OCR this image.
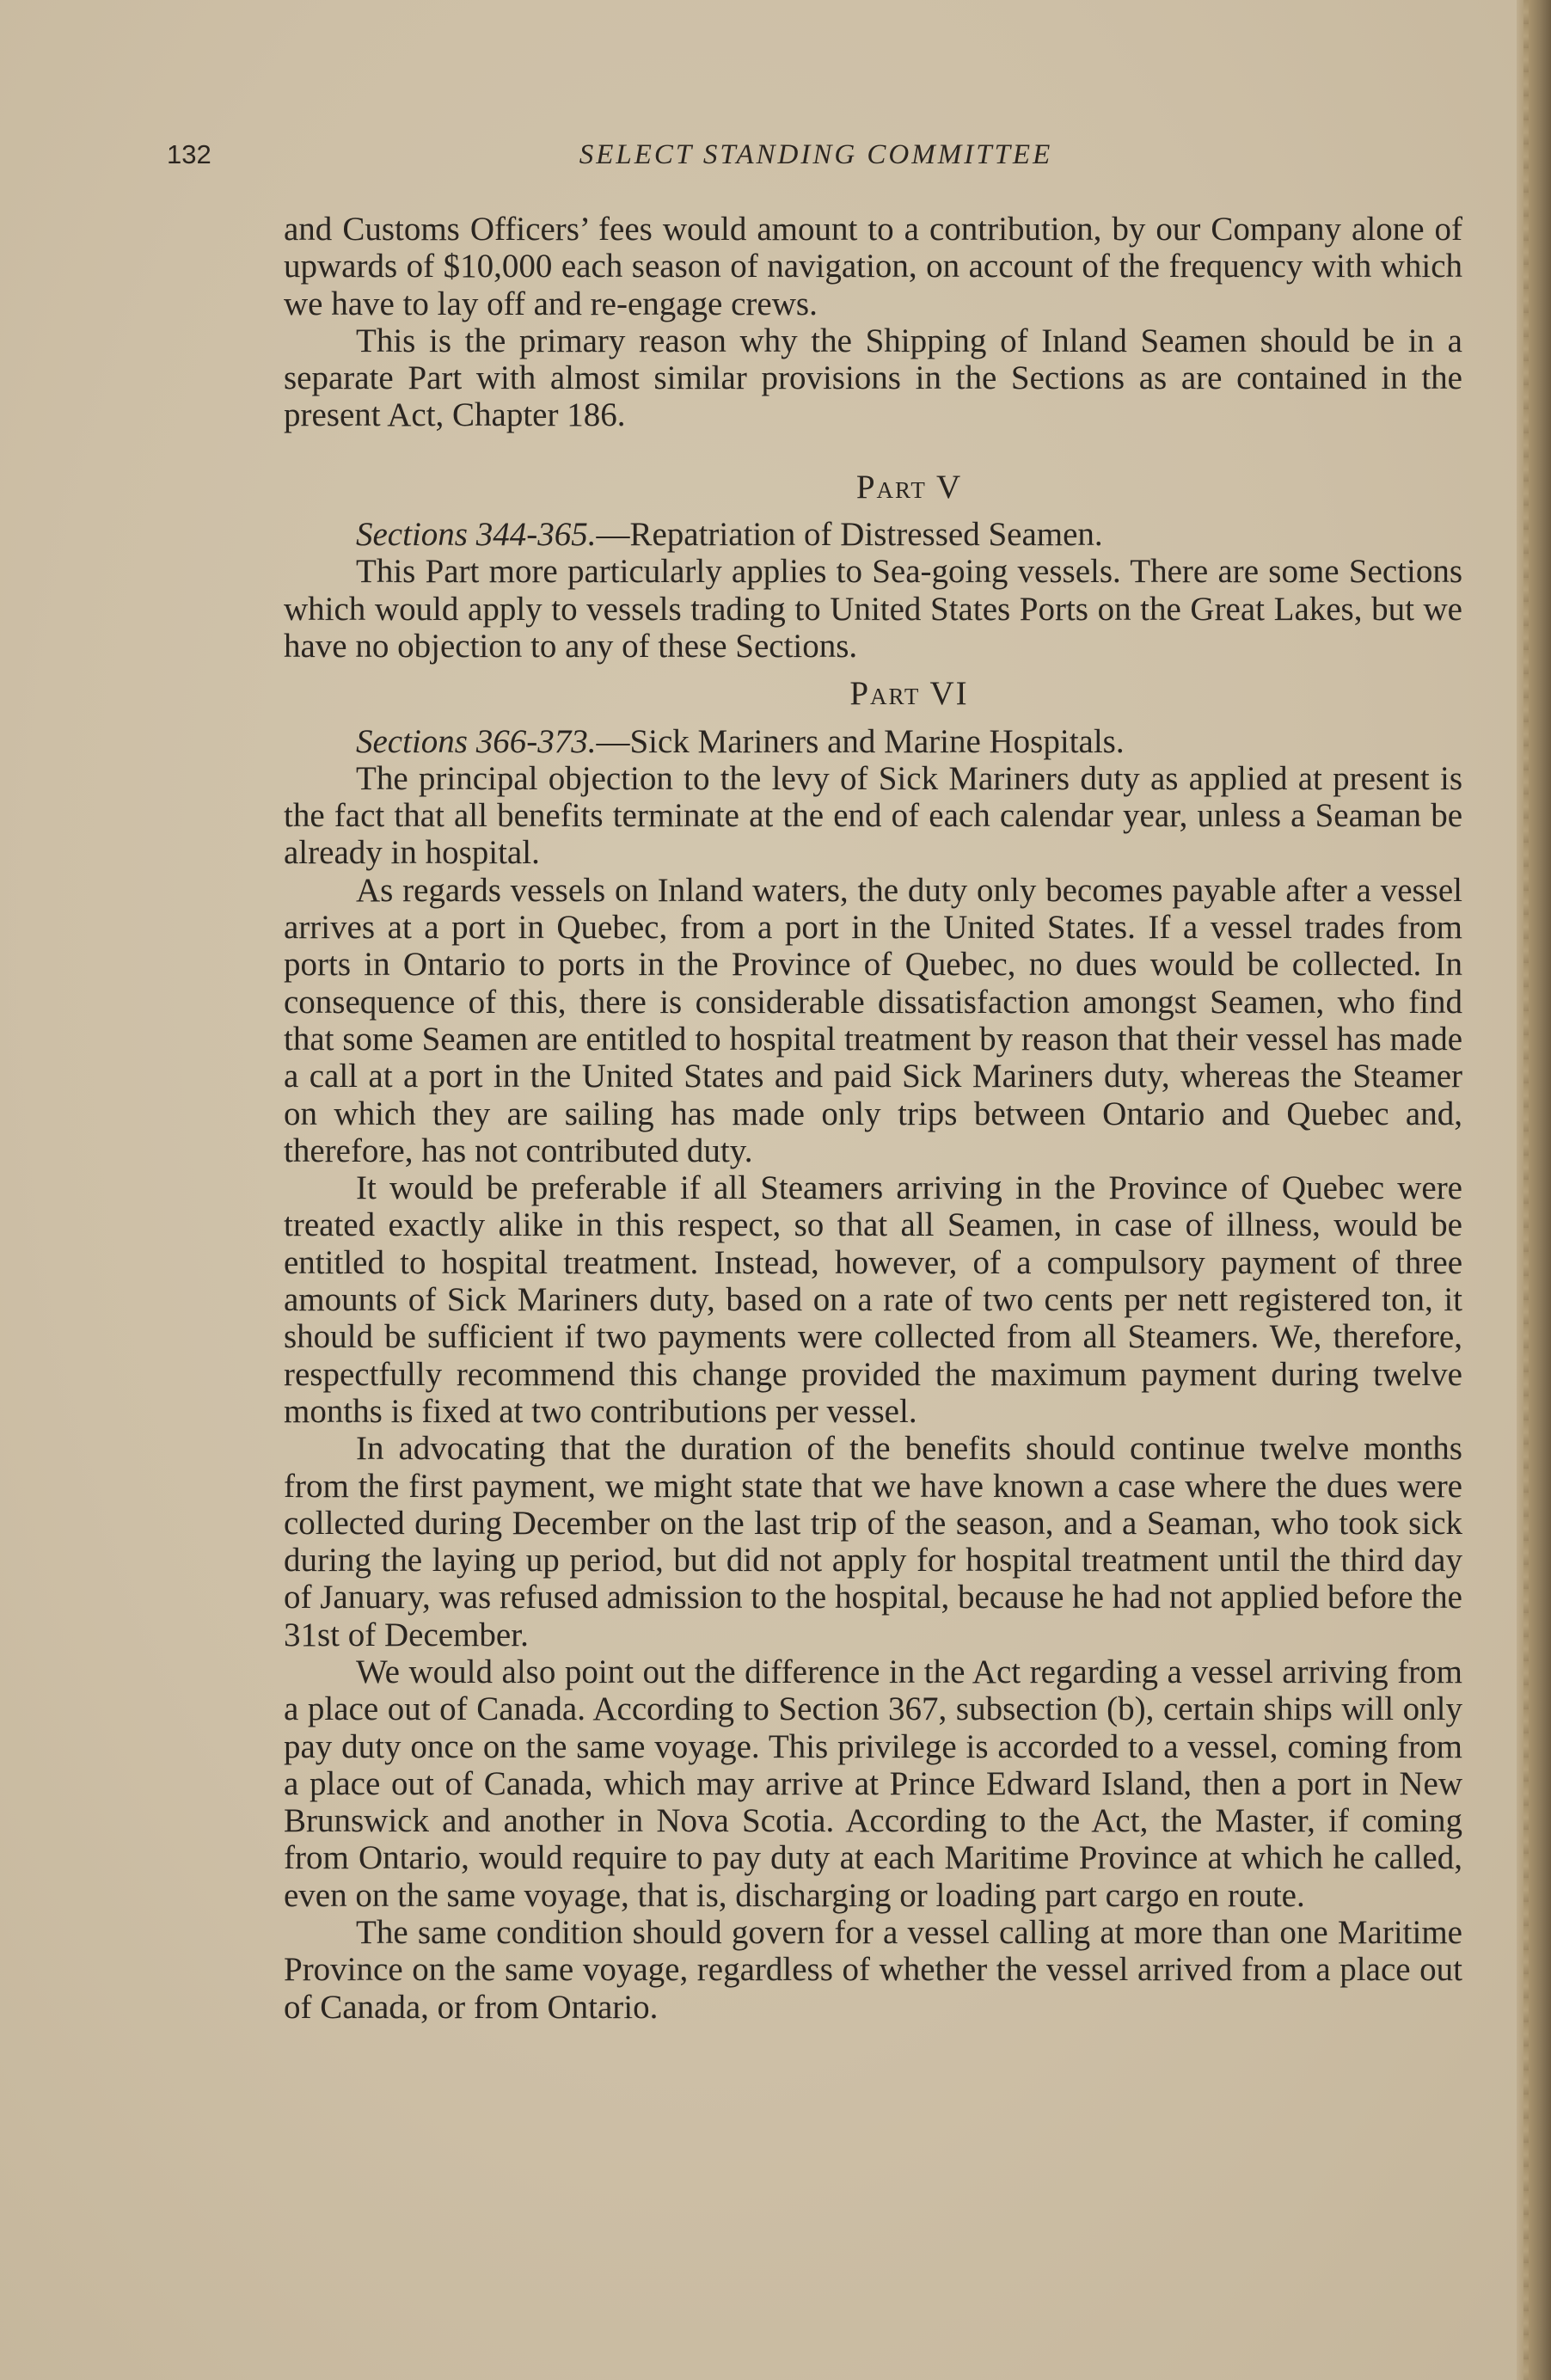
132	SELECT STANDING COMMITTEE

and Customs Officers’ fees would amount to a contribution, by our Company alone of upwards of $10,000 each season of navigation, on account of the frequency with which we have to lay off and re-engage crews.

This is the primary reason why the Shipping of Inland Seamen should be in a separate Part with almost similar provisions in the Sections as are contained in the present Act, Chapter 186.

Part V

Sections 344-365.—Repatriation of Distressed Seamen.

This Part more particularly applies to Sea-going vessels. There are some Sections which would apply to vessels trading to United States Ports on the Great Lakes, but we have no objection to any of these Sections.

Part VI

Sections 366-373.—Sick Mariners and Marine Hospitals.

The principal objection to the levy of Sick Mariners duty as applied at present is the fact that all benefits terminate at the end of each calendar year, unless a Seaman be already in hospital.

As regards vessels on Inland waters, the duty only becomes payable after a vessel arrives at a port in Quebec, from a port in the United States. If a vessel trades from ports in Ontario to ports in the Province of Quebec, no dues would be collected. In consequence of this, there is considerable dissatisfaction amongst Seamen, who find that some Seamen are entitled to hospital treatment by reason that their vessel has made a call at a port in the United States and paid Sick Mariners duty, whereas the Steamer on which they are sailing has made only trips between Ontario and Quebec and, therefore, has not contributed duty.

It would be preferable if all Steamers arriving in the Province of Quebec were treated exactly alike in this respect, so that all Seamen, in case of illness, would be entitled to hospital treatment. Instead, however, of a compulsory payment of three amounts of Sick Mariners duty, based on a rate of two cents per nett registered ton, it should be sufficient if two payments were collected from all Steamers. We, therefore, respectfully recommend this change provided the maximum payment during twelve months is fixed at two contributions per vessel.

In advocating that the duration of the benefits should continue twelve months from the first payment, we might state that we have known a case where the dues were collected during December on the last trip of the season, and a Seaman, who took sick during the laying up period, but did not apply for hospital treatment until the third day of January, was refused admission to the hospital, because he had not applied before the 31st of December.

We would also point out the difference in the Act regarding a vessel arriving from a place out of Canada. According to Section 367, subsection (b), certain ships will only pay duty once on the same voyage. This privilege is accorded to a vessel, coming from a place out of Canada, which may arrive at Prince Edward Island, then a port in New Brunswick and another in Nova Scotia. According to the Act, the Master, if coming from Ontario, would require to pay duty at each Maritime Province at which he called, even on the same voyage, that is, discharging or loading part cargo en route.

The same condition should govern for a vessel calling at more than one Maritime Province on the same voyage, regardless of whether the vessel arrived from a place out of Canada, or from Ontario.
